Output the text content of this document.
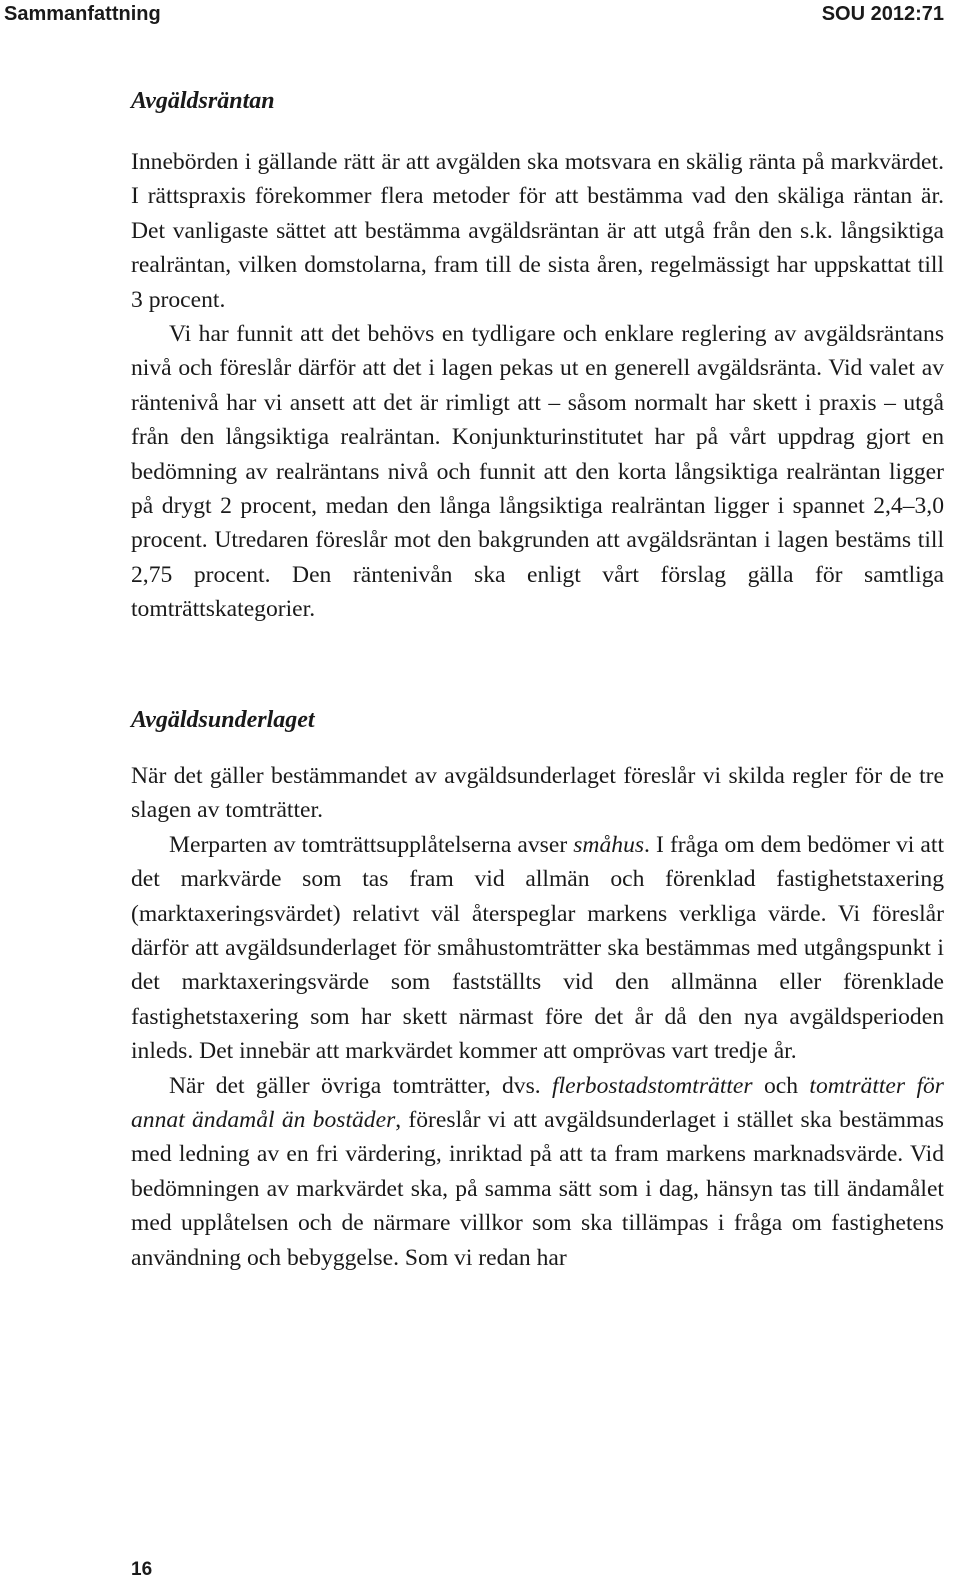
Sammanfattning	SOU 2012:71
Avgäldsräntan

Innebörden i gällande rätt är att avgälden ska motsvara en skälig ränta på markvärdet. I rättspraxis förekommer flera metoder för att bestämma vad den skäliga räntan är. Det vanligaste sättet att bestämma avgäldsräntan är att utgå från den s.k. långsiktiga realräntan, vilken domstolarna, fram till de sista åren, regelmässigt har uppskattat till 3 procent.

Vi har funnit att det behövs en tydligare och enklare reglering av avgäldsräntans nivå och föreslår därför att det i lagen pekas ut en generell avgäldsränta. Vid valet av räntenivå har vi ansett att det är rimligt att – såsom normalt har skett i praxis – utgå från den långsiktiga realräntan. Konjunkturinstitutet har på vårt uppdrag gjort en bedömning av realräntans nivå och funnit att den korta långsiktiga realräntan ligger på drygt 2 procent, medan den långa långsiktiga realräntan ligger i spannet 2,4–3,0 procent. Utredaren föreslår mot den bakgrunden att avgäldsräntan i lagen bestäms till 2,75 procent. Den räntenivån ska enligt vårt förslag gälla för samtliga tomträttskategorier.

Avgäldsunderlaget

När det gäller bestämmandet av avgäldsunderlaget föreslår vi skilda regler för de tre slagen av tomträtter.

Merparten av tomträttsupplåtelserna avser småhus. I fråga om dem bedömer vi att det markvärde som tas fram vid allmän och förenklad fastighetstaxering (marktaxeringsvärdet) relativt väl återspeglar markens verkliga värde. Vi föreslår därför att avgäldsunderlaget för småhustomträtter ska bestämmas med utgångspunkt i det marktaxeringsvärde som fastställts vid den allmänna eller förenklade fastighetstaxering som har skett närmast före det år då den nya avgäldsperioden inleds. Det innebär att markvärdet kommer att omprövas vart tredje år.

När det gäller övriga tomträtter, dvs. flerbostadstomträtter och tomträtter för annat ändamål än bostäder, föreslår vi att avgäldsunderlaget i stället ska bestämmas med ledning av en fri värdering, inriktad på att ta fram markens marknadsvärde. Vid bedömningen av markvärdet ska, på samma sätt som i dag, hänsyn tas till ändamålet med upplåtelsen och de närmare villkor som ska tillämpas i fråga om fastighetens användning och bebyggelse. Som vi redan har

16
